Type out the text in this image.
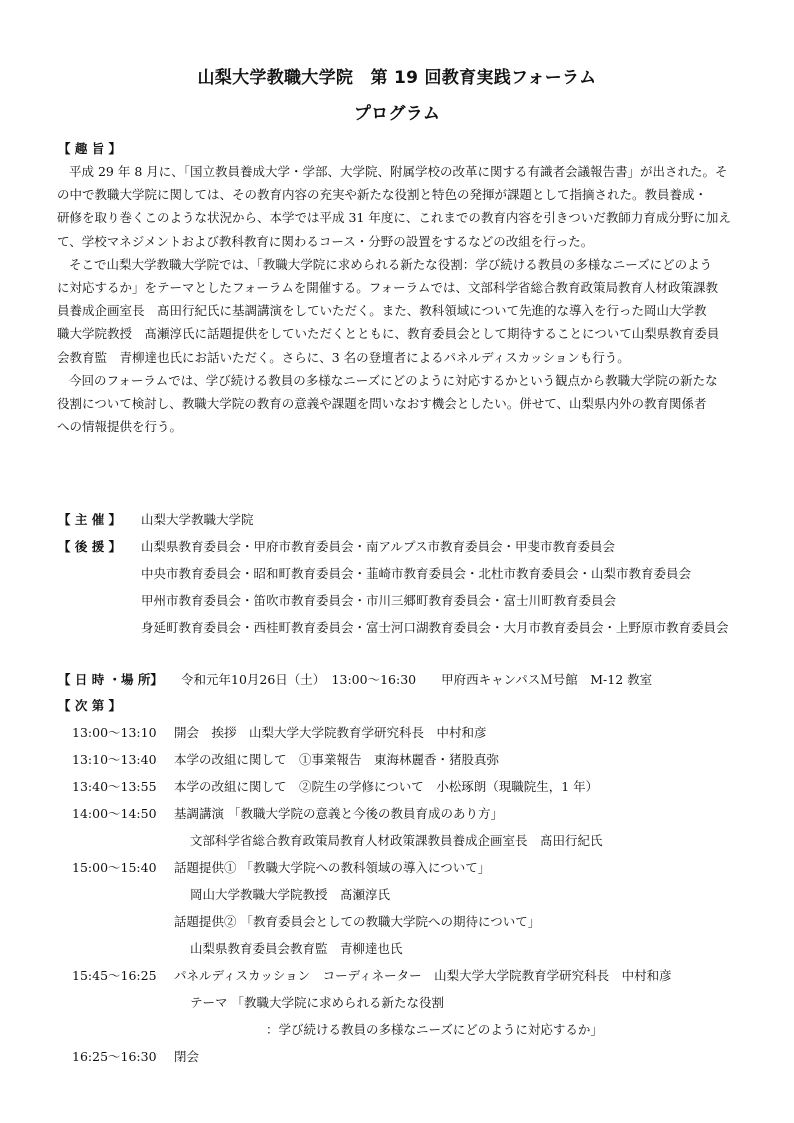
山梨大学教職大学院　第 19 回教育実践フォーラム
プログラム
【 趣 旨 】
平成 29 年 8 月に、「国立教員養成大学・学部、大学院、附属学校の改革に関する有識者会議報告書」が出された。そ
の中で教職大学院に関しては、その教育内容の充実や新たな役割と特色の発揮が課題として指摘された。教員養成・
研修を取り巻くこのような状況から、本学では平成 31 年度に、これまでの教育内容を引きついだ教師力育成分野に加え
て、学校マネジメントおよび教科教育に関わるコース・分野の設置をするなどの改組を行った。
そこで山梨大学教職大学院では、「教職大学院に求められる新たな役割：学び続ける教員の多様なニーズにどのよう
に対応するか」をテーマとしたフォーラムを開催する。フォーラムでは、文部科学省総合教育政策局教育人材政策課教
員養成企画室長　髙田行紀氏に基調講演をしていただく。また、教科領域について先進的な導入を行った岡山大学教
職大学院教授　髙瀬淳氏に話題提供をしていただくとともに、教育委員会として期待することについて山梨県教育委員
会教育監　青柳達也氏にお話いただく。さらに、3 名の登壇者によるパネルディスカッションも行う。
今回のフォーラムでは、学び続ける教員の多様なニーズにどのように対応するかという観点から教職大学院の新たな
役割について検討し、教職大学院の教育の意義や課題を問いなおす機会としたい。併せて、山梨県内外の教育関係者
への情報提供を行う。
【 主 催 】 山梨大学教職大学院
【 後 援 】 山梨県教育委員会・甲府市教育委員会・南アルプス市教育委員会・甲斐市教育委員会
中央市教育委員会・昭和町教育委員会・韮崎市教育委員会・北杜市教育委員会・山梨市教育委員会
甲州市教育委員会・笛吹市教育委員会・市川三郷町教育委員会・富士川町教育委員会
身延町教育委員会・西桂町教育委員会・富士河口湖教育委員会・大月市教育委員会・上野原市教育委員会
【 日 時 ・場 所】 令和元年10月26日（土）　13:00～16:30　　甲府西キャンパスＭ号館　M-12 教室
【 次 第 】
13:00～13:10 開会　挨拶　山梨大学大学院教育学研究科長　中村和彦
13:10～13:40 本学の改組に関して　①事業報告　東海林麗香・猪股真弥
13:40～13:55 本学の改組に関して　②院生の学修について　小松琢朗（現職院生，1 年）
14:00～14:50 基調講演 「教職大学院の意義と今後の教員育成のあり方」
文部科学省総合教育政策局教育人材政策課教員養成企画室長　髙田行紀氏
15:00～15:40 話題提供① 「教職大学院への教科領域の導入について」
岡山大学教職大学院教授　髙瀬淳氏
話題提供② 「教育委員会としての教職大学院への期待について」
山梨県教育委員会教育監　青柳達也氏
15:45～16:25 パネルディスカッション　コーディネーター　山梨大学大学院教育学研究科長　中村和彦
テーマ 「教職大学院に求められる新たな役割
：学び続ける教員の多様なニーズにどのように対応するか」
16:25～16:30 閉会
